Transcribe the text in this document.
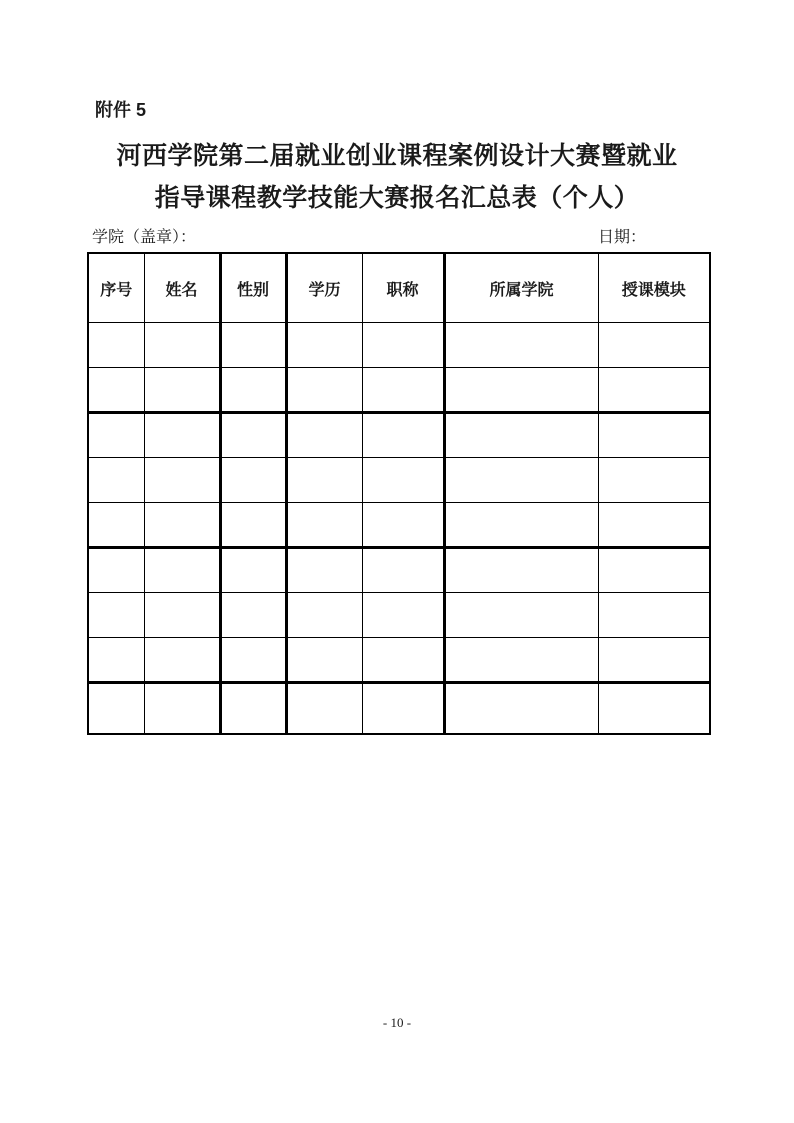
附件 5
河西学院第二届就业创业课程案例设计大赛暨就业
指导课程教学技能大赛报名汇总表（个人）
学院（盖章）：	日期：
序号	姓名	性别	学历	职称	所属学院	授课模块

- 10 -
